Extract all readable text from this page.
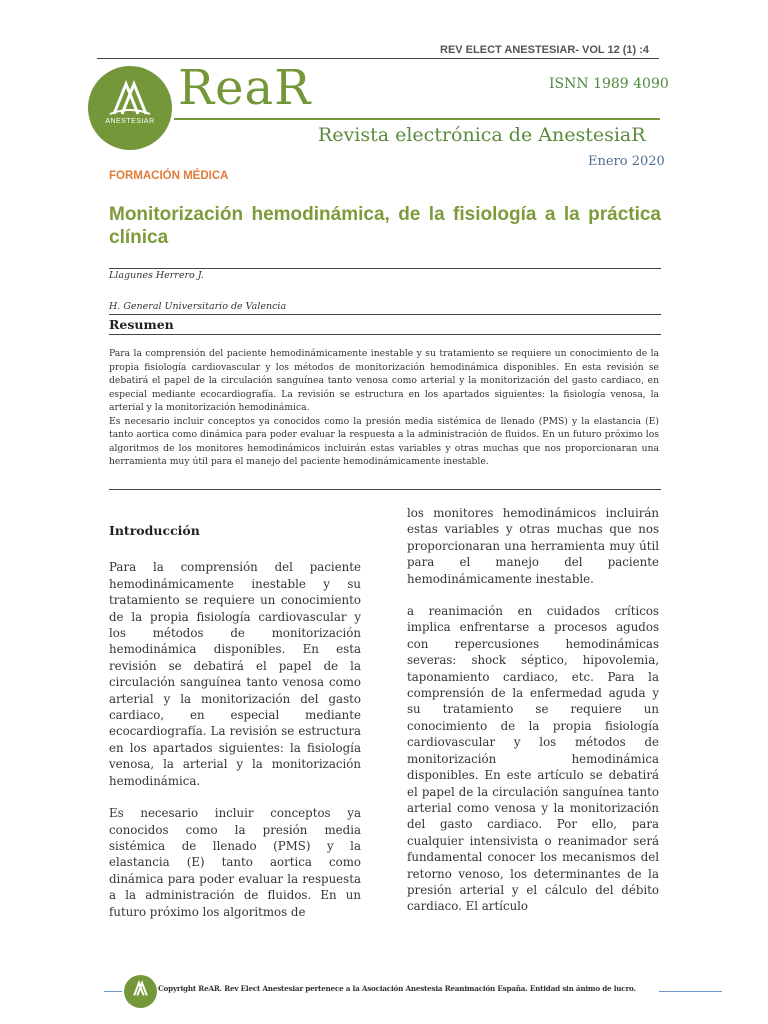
REV ELECT ANESTESIAR- VOL 12 (1) :4
ANESTESIAR
ReaR	ISNN 1989 4090
Revista electrónica de AnestesiaR
Enero 2020
FORMACIÓN MÉDICA
Monitorización hemodinámica, de la fisiología a la práctica clínica
Llagunes Herrero J.
H. General Universitario de Valencia
Resumen

Para la comprensión del paciente hemodinámicamente inestable y su tratamiento se requiere un conocimiento de la propia fisiología cardiovascular y los métodos de monitorización hemodinámica disponibles. En esta revisión se debatirá el papel de la circulación sanguínea tanto venosa como arterial y la monitorización del gasto cardiaco, en especial mediante ecocardiografía. La revisión se estructura en los apartados siguientes: la fisiología venosa, la arterial y la monitorización hemodinámica.

Es necesario incluir conceptos ya conocidos como la presión media sistémica de llenado (PMS) y la elastancia (E) tanto aortica como dinámica para poder evaluar la respuesta a la administración de fluidos. En un futuro próximo los algoritmos de los monitores hemodinámicos incluirán estas variables y otras muchas que nos proporcionaran una herramienta muy útil para el manejo del paciente hemodinámicamente inestable.

Introducción

Para la comprensión del paciente hemodinámicamente inestable y su tratamiento se requiere un conocimiento de la propia fisiología cardiovascular y los métodos de monitorización hemodinámica disponibles. En esta revisión se debatirá el papel de la circulación sanguínea tanto venosa como arterial y la monitorización del gasto cardiaco, en especial mediante ecocardiografía. La revisión se estructura en los apartados siguientes: la fisiología venosa, la arterial y la monitorización hemodinámica.

Es necesario incluir conceptos ya conocidos como la presión media sistémica de llenado (PMS) y la elastancia (E) tanto aortica como dinámica para poder evaluar la respuesta a la administración de fluidos. En un futuro próximo los algoritmos de

los monitores hemodinámicos incluirán estas variables y otras muchas que nos proporcionaran una herramienta muy útil para el manejo del paciente hemodinámicamente inestable.

a reanimación en cuidados críticos implica enfrentarse a procesos agudos con repercusiones hemodinámicas severas: shock séptico, hipovolemia, taponamiento cardiaco, etc. Para la comprensión de la enfermedad aguda y su tratamiento se requiere un conocimiento de la propia fisiología cardiovascular y los métodos de monitorización hemodinámica disponibles. En este artículo se debatirá el papel de la circulación sanguínea tanto arterial como venosa y la monitorización del gasto cardiaco. Por ello, para cualquier intensivista o reanimador será fundamental conocer los mecanismos del retorno venoso, los determinantes de la presión arterial y el cálculo del débito cardiaco. El artículo

Copyright ReAR. Rev Elect Anestesiar pertenece a la Asociación Anestesia Reanimación España. Entidad sin ánimo de lucro.
